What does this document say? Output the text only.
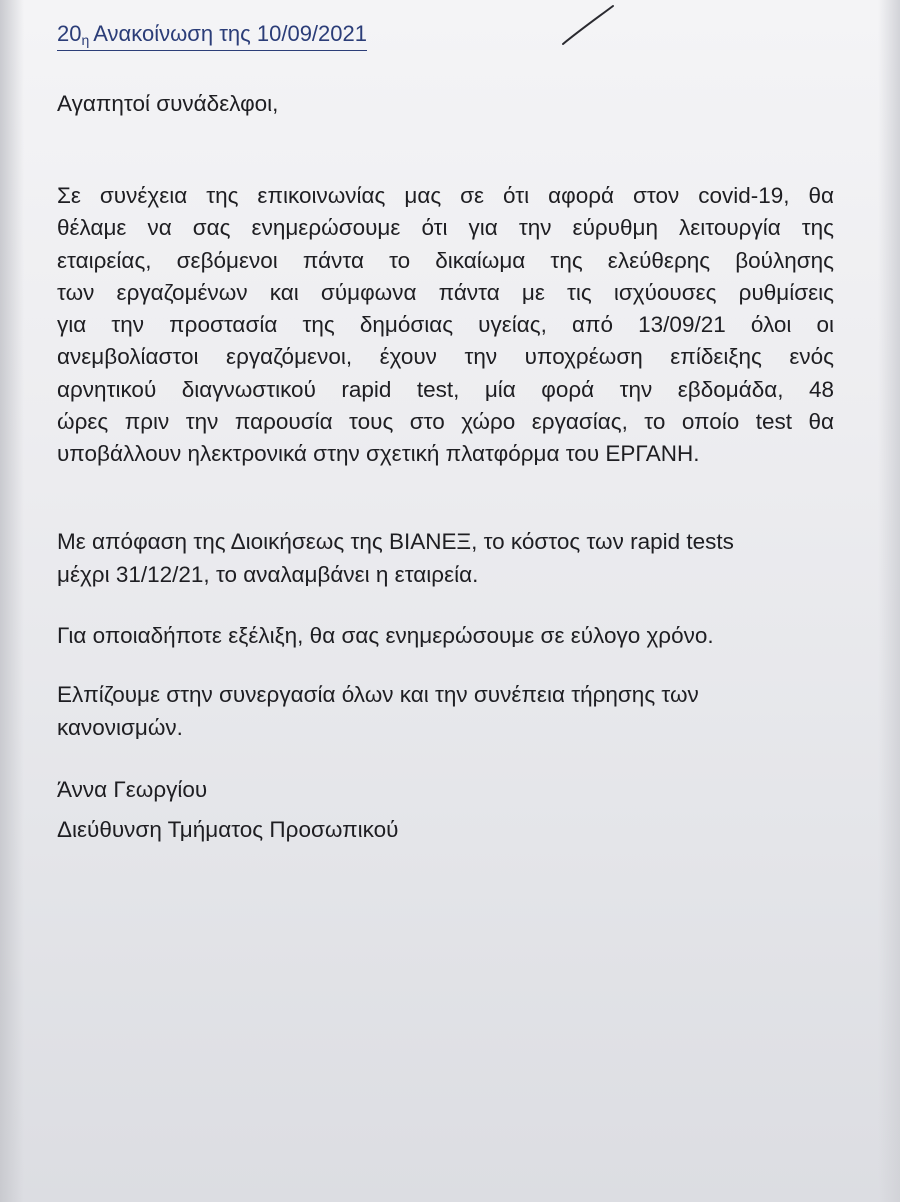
20η Ανακοίνωση της 10/09/2021
Αγαπητοί συνάδελφοι,
Σε συνέχεια της επικοινωνίας μας σε ότι αφορά στον covid-19, θα
θέλαμε να σας ενημερώσουμε ότι για την εύρυθμη λειτουργία της
εταιρείας, σεβόμενοι πάντα το δικαίωμα της ελεύθερης βούλησης
των εργαζομένων και σύμφωνα πάντα με τις ισχύουσες ρυθμίσεις
για την προστασία της δημόσιας υγείας, από 13/09/21 όλοι οι
ανεμβολίαστοι εργαζόμενοι, έχουν την υποχρέωση επίδειξης ενός
αρνητικού διαγνωστικού rapid test, μία φορά την εβδομάδα, 48
ώρες πριν την παρουσία τους στο χώρο εργασίας, το οποίο test θα
υποβάλλουν ηλεκτρονικά στην σχετική πλατφόρμα του ΕΡΓΑΝΗ.
Με απόφαση της Διοικήσεως της ΒΙΑΝΕΞ, το κόστος των rapid tests
μέχρι 31/12/21, το αναλαμβάνει η εταιρεία.
Για οποιαδήποτε εξέλιξη, θα σας ενημερώσουμε σε εύλογο χρόνο.
Ελπίζουμε στην συνεργασία όλων και την συνέπεια τήρησης των
κανονισμών.
Άννα Γεωργίου
Διεύθυνση Τμήματος Προσωπικού
